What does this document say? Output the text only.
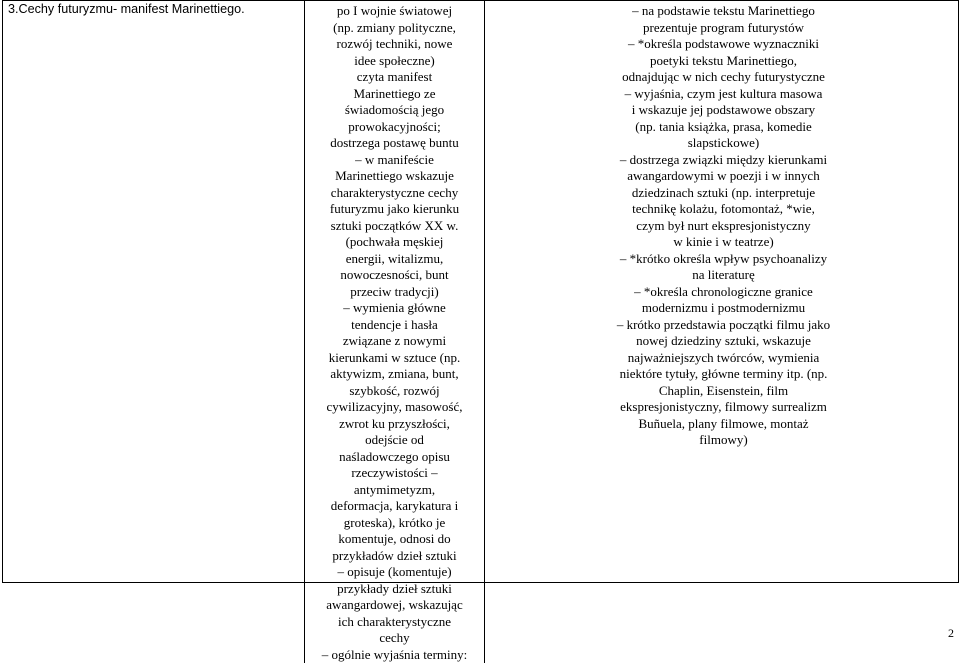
3.Cechy futuryzmu- manifest Marinettiego.	po I wojnie światowej
(np. zmiany polityczne,
rozwój techniki, nowe
idee społeczne)
czyta manifest
Marinettiego ze
świadomością jego
prowokacyjności;
dostrzega postawę buntu
– w manifeście
Marinettiego wskazuje
charakterystyczne cechy
futuryzmu jako kierunku
sztuki początków XX w.
(pochwała męskiej
energii, witalizmu,
nowoczesności, bunt
przeciw tradycji)
– wymienia główne
tendencje i hasła
związane z nowymi
kierunkami w sztuce (np.
aktywizm, zmiana, bunt,
szybkość, rozwój
cywilizacyjny, masowość,
zwrot ku przyszłości,
odejście od
naśladowczego opisu
rzeczywistości –
antymimetyzm,
deformacja, karykatura i
groteska), krótko je
komentuje, odnosi do
przykładów dzieł sztuki
– opisuje (komentuje)
przykłady dzieł sztuki
awangardowej, wskazując
ich charakterystyczne
cechy
– ogólnie wyjaśnia terminy:
– na podstawie tekstu Marinettiego
prezentuje program futurystów
– *określa podstawowe wyznaczniki
poetyki tekstu Marinettiego,
odnajdując w nich cechy futurystyczne
– wyjaśnia, czym jest kultura masowa
i wskazuje jej podstawowe obszary
(np. tania książka, prasa, komedie
slapstickowe)
– dostrzega związki między kierunkami
awangardowymi w poezji i w innych
dziedzinach sztuki (np. interpretuje
technikę kolażu, fotomontaż, *wie,
czym był nurt ekspresjonistyczny
w kinie i w teatrze)
– *krótko określa wpływ psychoanalizy
na literaturę
– *określa chronologiczne granice
modernizmu i postmodernizmu
– krótko przedstawia początki filmu jako
nowej dziedziny sztuki, wskazuje
najważniejszych twórców, wymienia
niektóre tytuły, główne terminy itp. (np.
Chaplin, Eisenstein, film
ekspresjonistyczny, filmowy surrealizm
Buñuela, plany filmowe, montaż
filmowy)
2
